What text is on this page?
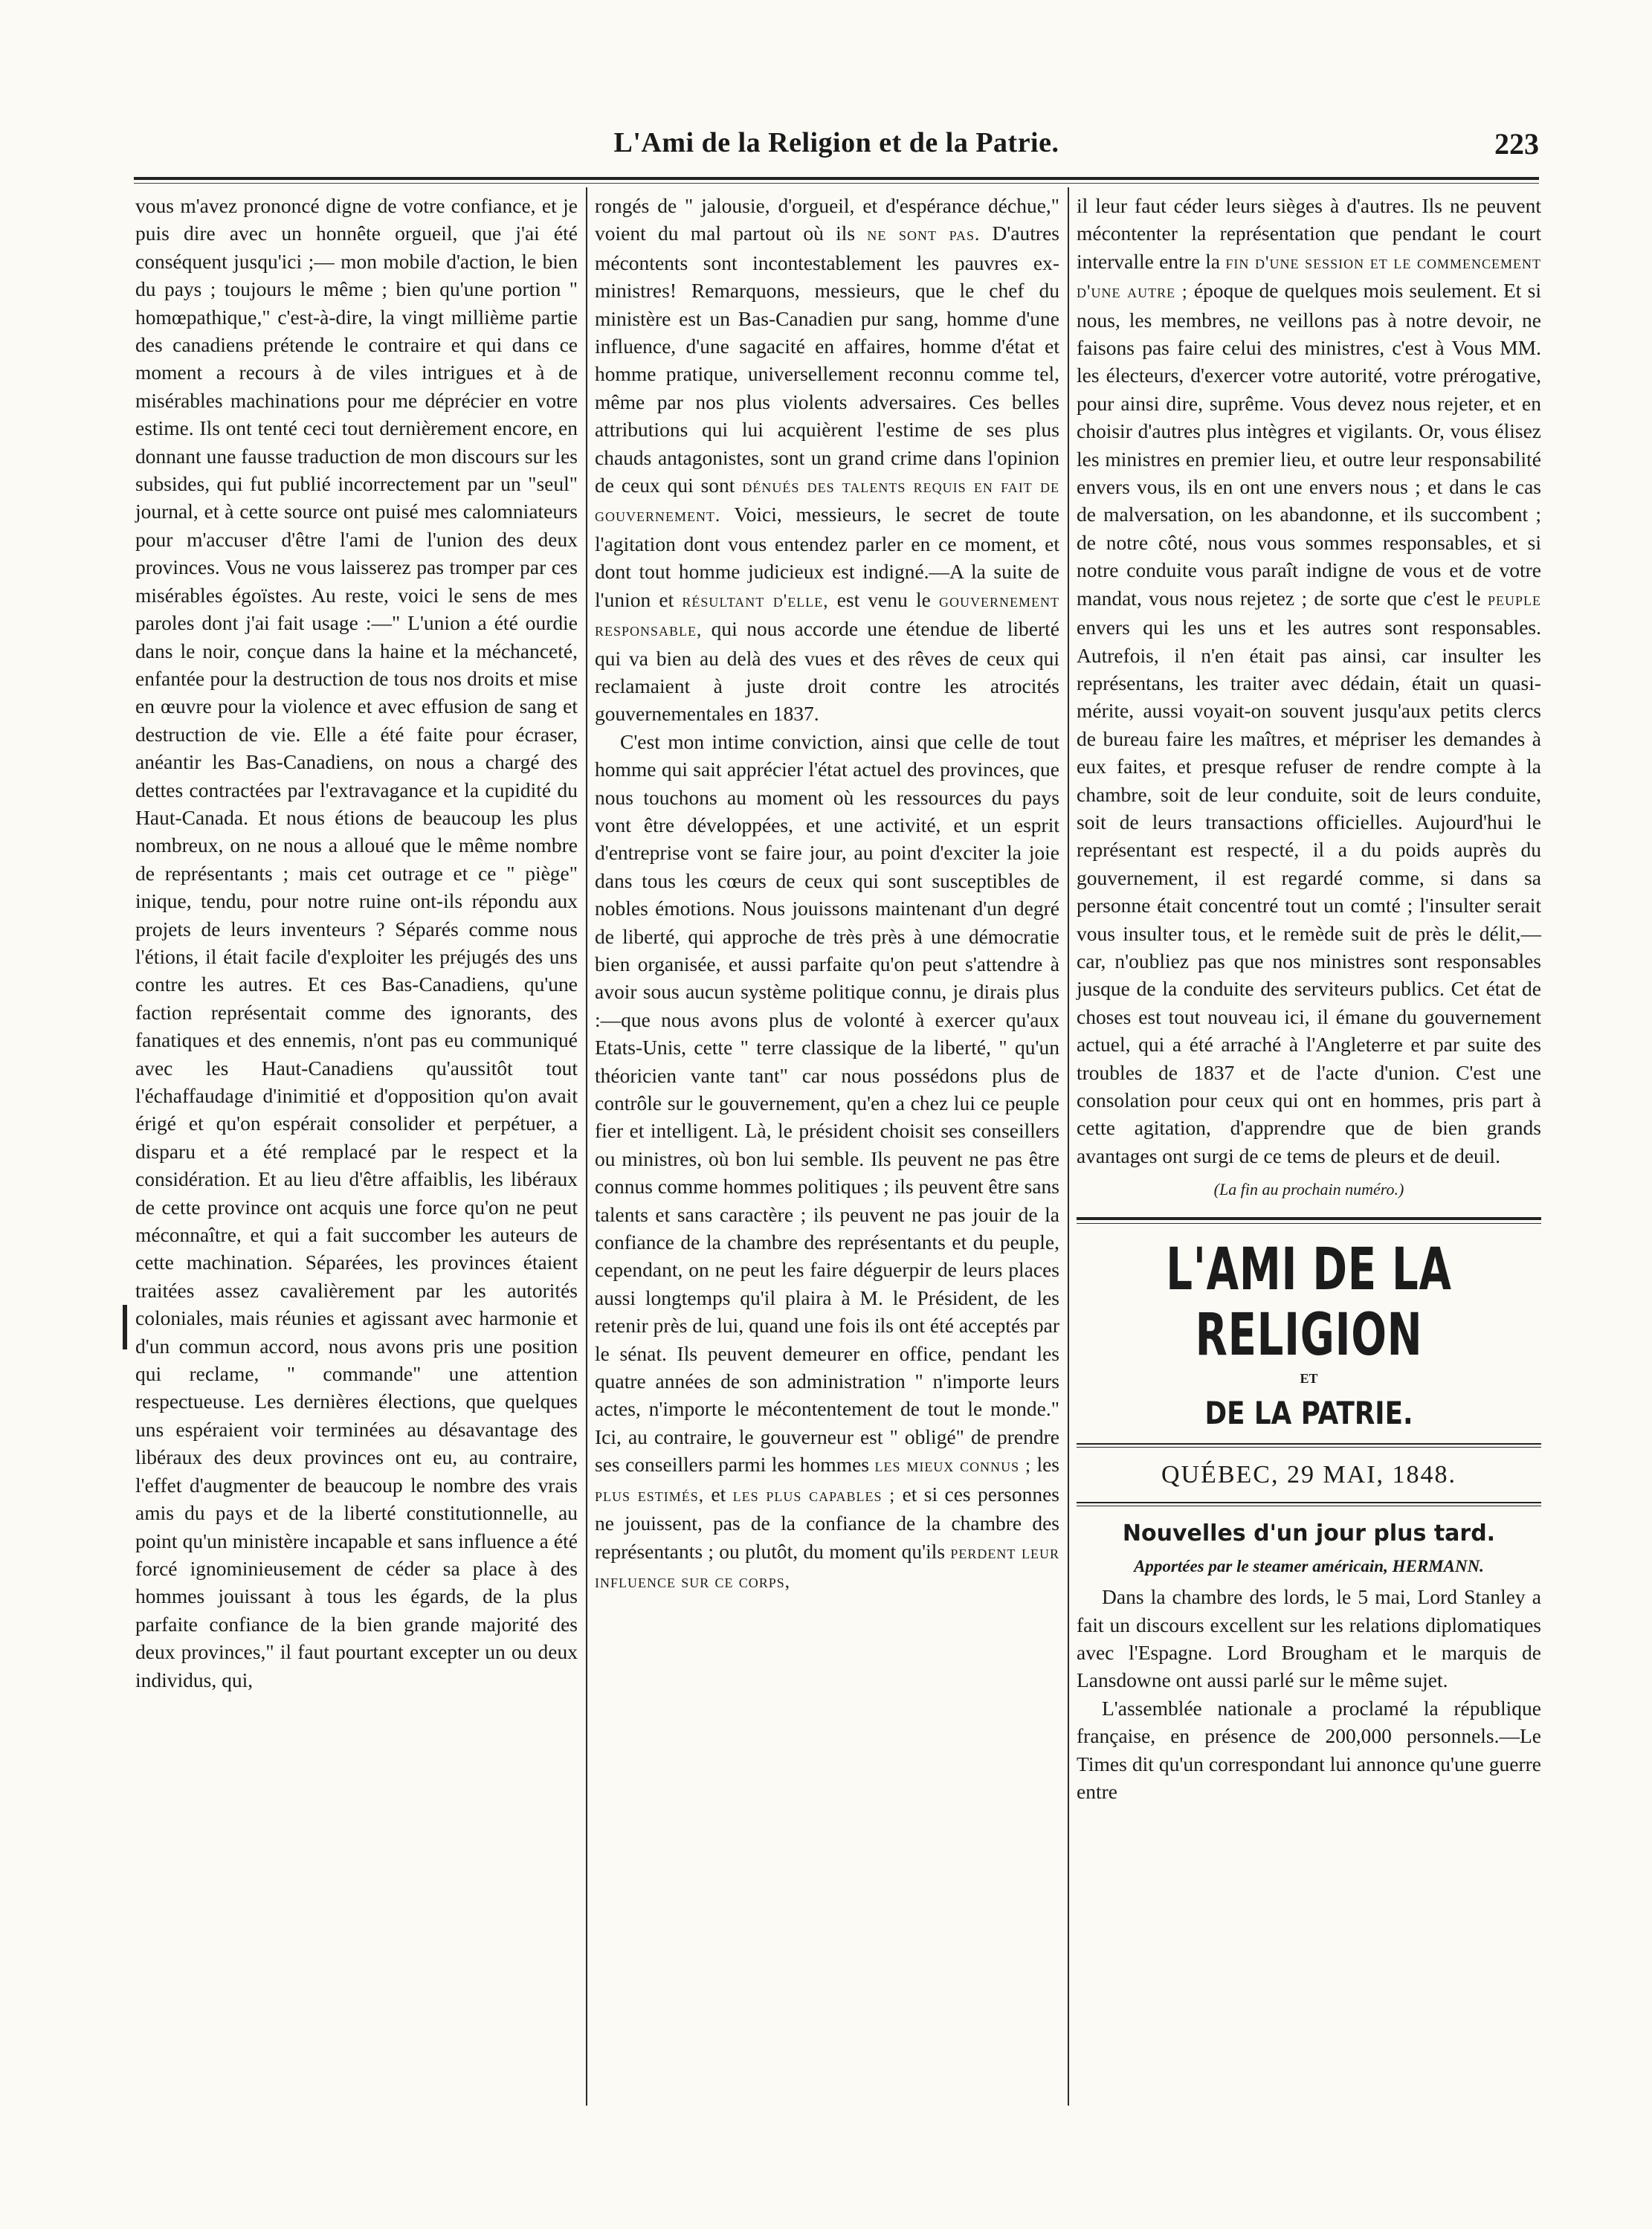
L'Ami de la Religion et de la Patrie.	223

vous m'avez prononcé digne de votre confiance, et je puis dire avec un honnête orgueil, que j'ai été conséquent jusqu'ici ;— mon mobile d'action, le bien du pays ; toujours le même ; bien qu'une portion " homœpathique," c'est-à-dire, la vingt millième partie des canadiens prétende le contraire et qui dans ce moment a recours à de viles intrigues et à de misérables machinations pour me déprécier en votre estime. Ils ont tenté ceci tout dernièrement encore, en donnant une fausse traduction de mon discours sur les subsides, qui fut publié incorrectement par un "seul" journal, et à cette source ont puisé mes calomniateurs pour m'accuser d'être l'ami de l'union des deux provinces. Vous ne vous laisserez pas tromper par ces misérables égoïstes. Au reste, voici le sens de mes paroles dont j'ai fait usage :—" L'union a été ourdie dans le noir, conçue dans la haine et la méchanceté, enfantée pour la destruction de tous nos droits et mise en œuvre pour la violence et avec effusion de sang et destruction de vie. Elle a été faite pour écraser, anéantir les Bas-Canadiens, on nous a chargé des dettes contractées par l'extravagance et la cupidité du Haut-Canada. Et nous étions de beaucoup les plus nombreux, on ne nous a alloué que le même nombre de représentants ; mais cet outrage et ce " piège" inique, tendu, pour notre ruine ont-ils répondu aux projets de leurs inventeurs ? Séparés comme nous l'étions, il était facile d'exploiter les préjugés des uns contre les autres. Et ces Bas-Canadiens, qu'une faction représentait comme des ignorants, des fanatiques et des ennemis, n'ont pas eu communiqué avec les Haut-Canadiens qu'aussitôt tout l'échaffaudage d'inimitié et d'opposition qu'on avait érigé et qu'on espérait consolider et perpétuer, a disparu et a été remplacé par le respect et la considération. Et au lieu d'être affaiblis, les libéraux de cette province ont acquis une force qu'on ne peut méconnaître, et qui a fait succomber les auteurs de cette machination. Séparées, les provinces étaient traitées assez cavalièrement par les autorités coloniales, mais réunies et agissant avec harmonie et d'un commun accord, nous avons pris une position qui reclame, " commande" une attention respectueuse. Les dernières élections, que quelques uns espéraient voir terminées au désavantage des libéraux des deux provinces ont eu, au contraire, l'effet d'augmenter de beaucoup le nombre des vrais amis du pays et de la liberté constitutionnelle, au point qu'un ministère incapable et sans influence a été forcé ignominieusement de céder sa place à des hommes jouissant à tous les égards, de la plus parfaite confiance de la bien grande majorité des deux provinces," il faut pourtant excepter un ou deux individus, qui,

rongés de " jalousie, d'orgueil, et d'espérance déchue," voient du mal partout où ils ne sont pas. D'autres mécontents sont incontestablement les pauvres ex-ministres! Remarquons, messieurs, que le chef du ministère est un Bas-Canadien pur sang, homme d'une influence, d'une sagacité en affaires, homme d'état et homme pratique, universellement reconnu comme tel, même par nos plus violents adversaires. Ces belles attributions qui lui acquièrent l'estime de ses plus chauds antagonistes, sont un grand crime dans l'opinion de ceux qui sont dénués des talents requis en fait de gouvernement. Voici, messieurs, le secret de toute l'agitation dont vous entendez parler en ce moment, et dont tout homme judicieux est indigné.—A la suite de l'union et résultant d'elle, est venu le gouvernement responsable, qui nous accorde une étendue de liberté qui va bien au delà des vues et des rêves de ceux qui reclamaient à juste droit contre les atrocités gouvernementales en 1837.

C'est mon intime conviction, ainsi que celle de tout homme qui sait apprécier l'état actuel des provinces, que nous touchons au moment où les ressources du pays vont être développées, et une activité, et un esprit d'entreprise vont se faire jour, au point d'exciter la joie dans tous les cœurs de ceux qui sont susceptibles de nobles émotions. Nous jouissons maintenant d'un degré de liberté, qui approche de très près à une démocratie bien organisée, et aussi parfaite qu'on peut s'attendre à avoir sous aucun système politique connu, je dirais plus :—que nous avons plus de volonté à exercer qu'aux Etats-Unis, cette " terre classique de la liberté, " qu'un théoricien vante tant" car nous possédons plus de contrôle sur le gouvernement, qu'en a chez lui ce peuple fier et intelligent. Là, le président choisit ses conseillers ou ministres, où bon lui semble. Ils peuvent ne pas être connus comme hommes politiques ; ils peuvent être sans talents et sans caractère ; ils peuvent ne pas jouir de la confiance de la chambre des représentants et du peuple, cependant, on ne peut les faire déguerpir de leurs places aussi longtemps qu'il plaira à M. le Président, de les retenir près de lui, quand une fois ils ont été acceptés par le sénat. Ils peuvent demeurer en office, pendant les quatre années de son administration " n'importe leurs actes, n'importe le mécontentement de tout le monde." Ici, au contraire, le gouverneur est " obligé" de prendre ses conseillers parmi les hommes les mieux connus ; les plus estimés, et les plus capables ; et si ces personnes ne jouissent, pas de la confiance de la chambre des représentants ; ou plutôt, du moment qu'ils perdent leur influence sur ce corps,

il leur faut céder leurs sièges à d'autres. Ils ne peuvent mécontenter la représentation que pendant le court intervalle entre la fin d'une session et le commencement d'une autre ; époque de quelques mois seulement. Et si nous, les membres, ne veillons pas à notre devoir, ne faisons pas faire celui des ministres, c'est à Vous MM. les électeurs, d'exercer votre autorité, votre prérogative, pour ainsi dire, suprême. Vous devez nous rejeter, et en choisir d'autres plus intègres et vigilants. Or, vous élisez les ministres en premier lieu, et outre leur responsabilité envers vous, ils en ont une envers nous ; et dans le cas de malversation, on les abandonne, et ils succombent ; de notre côté, nous vous sommes responsables, et si notre conduite vous paraît indigne de vous et de votre mandat, vous nous rejetez ; de sorte que c'est le peuple envers qui les uns et les autres sont responsables. Autrefois, il n'en était pas ainsi, car insulter les représentans, les traiter avec dédain, était un quasi-mérite, aussi voyait-on souvent jusqu'aux petits clercs de bureau faire les maîtres, et mépriser les demandes à eux faites, et presque refuser de rendre compte à la chambre, soit de leur conduite, soit de leurs conduite, soit de leurs transactions officielles. Aujourd'hui le représentant est respecté, il a du poids auprès du gouvernement, il est regardé comme, si dans sa personne était concentré tout un comté ; l'insulter serait vous insulter tous, et le remède suit de près le délit,—car, n'oubliez pas que nos ministres sont responsables jusque de la conduite des serviteurs publics. Cet état de choses est tout nouveau ici, il émane du gouvernement actuel, qui a été arraché à l'Angleterre et par suite des troubles de 1837 et de l'acte d'union. C'est une consolation pour ceux qui ont en hommes, pris part à cette agitation, d'apprendre que de bien grands avantages ont surgi de ce tems de pleurs et de deuil.

(La fin au prochain numéro.)
L'AMI DE LA RELIGION
ET
DE LA PATRIE.
QUÉBEC, 29 MAI, 1848.
Nouvelles d'un jour plus tard.
Apportées par le steamer américain, HERMANN.

Dans la chambre des lords, le 5 mai, Lord Stanley a fait un discours excellent sur les relations diplomatiques avec l'Espagne. Lord Brougham et le marquis de Lansdowne ont aussi parlé sur le même sujet.

L'assemblée nationale a proclamé la république française, en présence de 200,000 personnels.—Le Times dit qu'un correspondant lui annonce qu'une guerre entre
